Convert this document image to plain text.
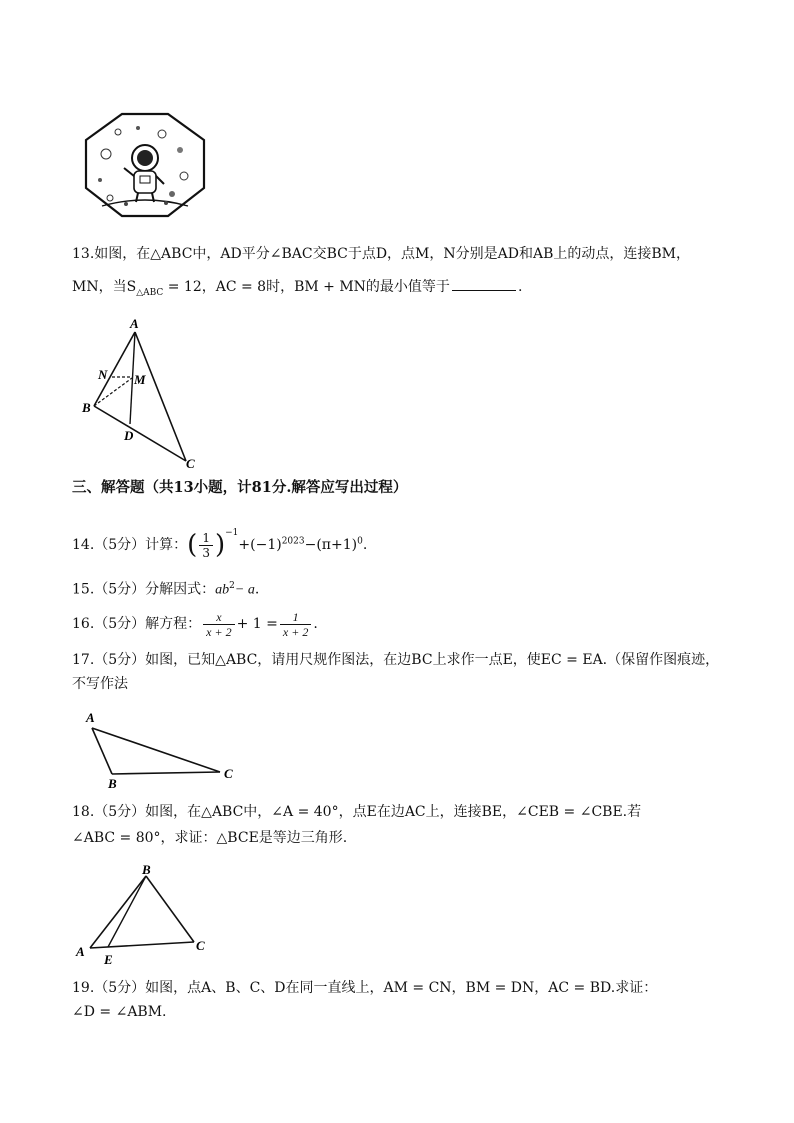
13.如图，在△ABC中，AD平分∠BAC交BC于点D，点M，N分别是AD和AB上的动点，连接BM，
MN，当$S_{\triangle ABC} = 12$，AC = 8时，BM + MN的最小值等于	.
A
N M
B
D
C
三、解答题（共13小题，计81分.解答应写出过程）
14.（5分）计算：( $\frac{1}{3} )^{-1}+(-1)^{2023}-(\pi+1)^0$.
15.（5分）分解因式：$ab^2- a$.
16.（5分）解方程： $\frac{x}{x + 2} + 1 = \frac{1}{x + 2}$ .
17.（5分）如图，已知△ABC，请用尺规作图法，在边BC上求作一点E，使EC = EA.（保留作图痕迹，
不写作法
A
B
C
18.（5分）如图，在△ABC中，∠A = 40°，点E在边AC上，连接BE，∠CEB = ∠CBE.若
∠ABC = 80°，求证：△BCE是等边三角形.
B
A
E
C
19.（5分）如图，点A、B、C、D在同一直线上，AM = CN，BM = DN，AC = BD.求证：
∠D = ∠ABM.
